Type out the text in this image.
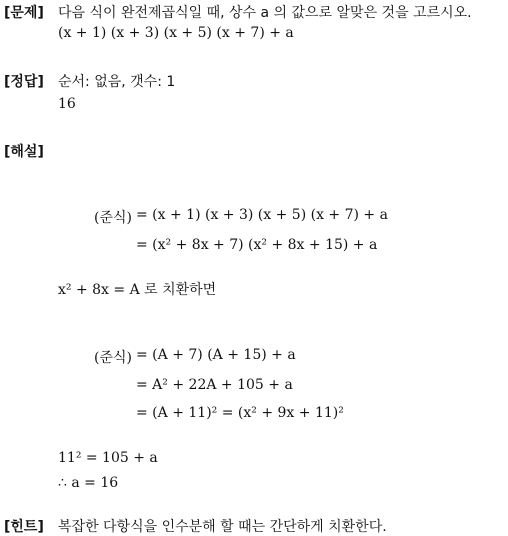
[문제] 다음 식이 완전제곱식일 때, 상수 a 의 값으로 알맞은 것을 고르시오.
(x + 1) (x + 3) (x + 5) (x + 7) + a
[정답] 순서: 없음, 갯수: 1
16
[해설]
(준식) = (x + 1) (x + 3) (x + 5) (x + 7) + a
= (x² + 8x + 7) (x² + 8x + 15) + a
x² + 8x = A 로 치환하면
(준식) = (A + 7) (A + 15) + a
= A² + 22A + 105 + a
= (A + 11)² = (x² + 9x + 11)²
11² = 105 + a
∴ a = 16
[힌트] 복잡한 다항식을 인수분해 할 때는 간단하게 치환한다.
